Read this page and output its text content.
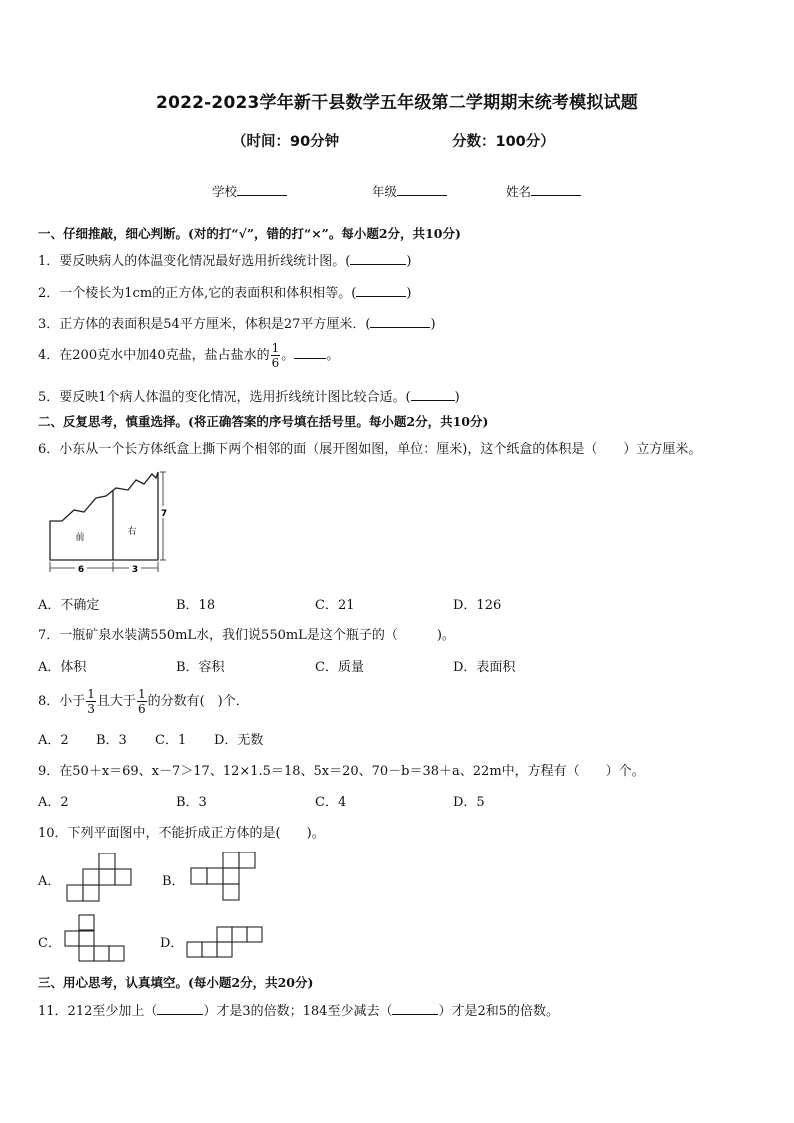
2022-2023学年新干县数学五年级第二学期期末统考模拟试题
（时间：90分钟	分数：100分）
学校	年级	姓名
一、仔细推敲，细心判断。(对的打“√”，错的打“×”。每小题2分，共10分)
1．要反映病人的体温变化情况最好选用折线统计图。(	)
2．一个棱长为1cm的正方体,它的表面积和体积相等。(	)
3．正方体的表面积是54平方厘米，体积是27平方厘米．(	)
4．在200克水中加40克盐，盐占盐水的 $\frac{1}{6}$ 。 。
5．要反映1个病人体温的变化情况，选用折线统计图比较合适。(	)
二、反复思考，慎重选择。(将正确答案的序号填在括号里。每小题2分，共10分)
6．小东从一个长方体纸盒上撕下两个相邻的面（展开图如图，单位：厘米)，这个纸盒的体积是（　　）立方厘米。
前
右
7
6	3
A．不确定	B．18	C．21	D．126
7．一瓶矿泉水装满550mL水，我们说550mL是这个瓶子的（　　　)。
A．体积	B．容积	C．质量	D．表面积
8．小于 $\frac{1}{3}$ 且大于 $\frac{1}{6}$ 的分数有(　)个．
A．2 B．3 C．1 D．无数
9．在50＋x＝69、x－7＞17、12×1.5＝18、5x＝20、70－b＝38＋a、22m中，方程有（　　）个。
A．2	B．3	C．4	D．5
10．下列平面图中，不能折成正方体的是(　　)。
A．	B．
C．	D．
三、用心思考，认真填空。(每小题2分，共20分)
11．212至少加上（	）才是3的倍数；184至少减去（	）才是2和5的倍数。
